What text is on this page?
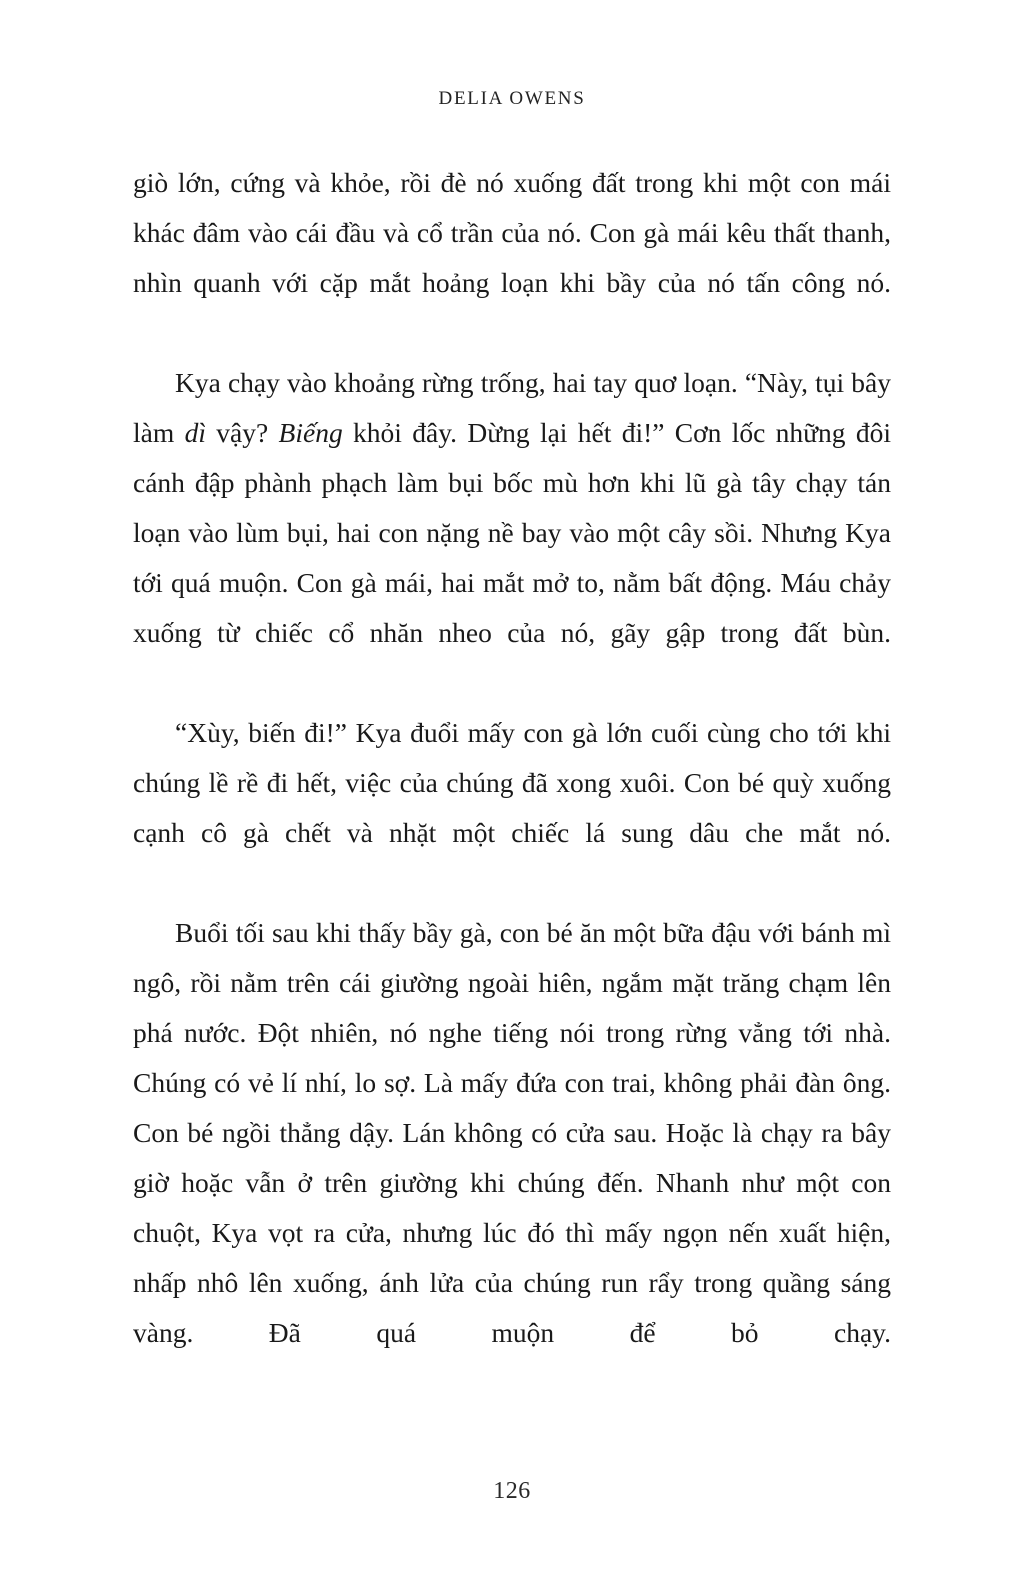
DELIA OWENS

giò lớn, cứng và khỏe, rồi đè nó xuống đất trong khi một con mái khác đâm vào cái đầu và cổ trần của nó. Con gà mái kêu thất thanh, nhìn quanh với cặp mắt hoảng loạn khi bầy của nó tấn công nó.

Kya chạy vào khoảng rừng trống, hai tay quơ loạn. “Này, tụi bây làm dì vậy? Biếng khỏi đây. Dừng lại hết đi!” Cơn lốc những đôi cánh đập phành phạch làm bụi bốc mù hơn khi lũ gà tây chạy tán loạn vào lùm bụi, hai con nặng nề bay vào một cây sồi. Nhưng Kya tới quá muộn. Con gà mái, hai mắt mở to, nằm bất động. Máu chảy xuống từ chiếc cổ nhăn nheo của nó, gãy gập trong đất bùn.

“Xùy, biến đi!” Kya đuổi mấy con gà lớn cuối cùng cho tới khi chúng lề rề đi hết, việc của chúng đã xong xuôi. Con bé quỳ xuống cạnh cô gà chết và nhặt một chiếc lá sung dâu che mắt nó.

Buổi tối sau khi thấy bầy gà, con bé ăn một bữa đậu với bánh mì ngô, rồi nằm trên cái giường ngoài hiên, ngắm mặt trăng chạm lên phá nước. Đột nhiên, nó nghe tiếng nói trong rừng vẳng tới nhà. Chúng có vẻ lí nhí, lo sợ. Là mấy đứa con trai, không phải đàn ông. Con bé ngồi thẳng dậy. Lán không có cửa sau. Hoặc là chạy ra bây giờ hoặc vẫn ở trên giường khi chúng đến. Nhanh như một con chuột, Kya vọt ra cửa, nhưng lúc đó thì mấy ngọn nến xuất hiện, nhấp nhô lên xuống, ánh lửa của chúng run rẩy trong quầng sáng vàng. Đã quá muộn để bỏ chạy.

126
